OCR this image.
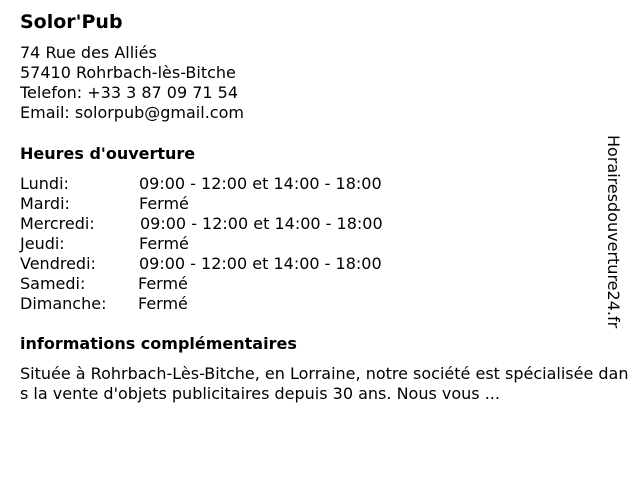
Solor'Pub
74 Rue des Alliés
57410 Rohrbach-lès-Bitche
Telefon: +33 3 87 09 71 54
Email: solorpub@gmail.com
Heures d'ouverture
Lundi:	09:00 - 12:00 et 14:00 - 18:00
Mardi:	Fermé
Mercredi:	09:00 - 12:00 et 14:00 - 18:00
Jeudi:	Fermé
Vendredi:	09:00 - 12:00 et 14:00 - 18:00
Samedi:	Fermé
Dimanche: Fermé
informations complémentaires
Située à Rohrbach-Lès-Bitche, en Lorraine, notre société est spécialisée dans la vente d'objets publicitaires depuis 30 ans. Nous vous ...
Horairesdouverture24.fr
